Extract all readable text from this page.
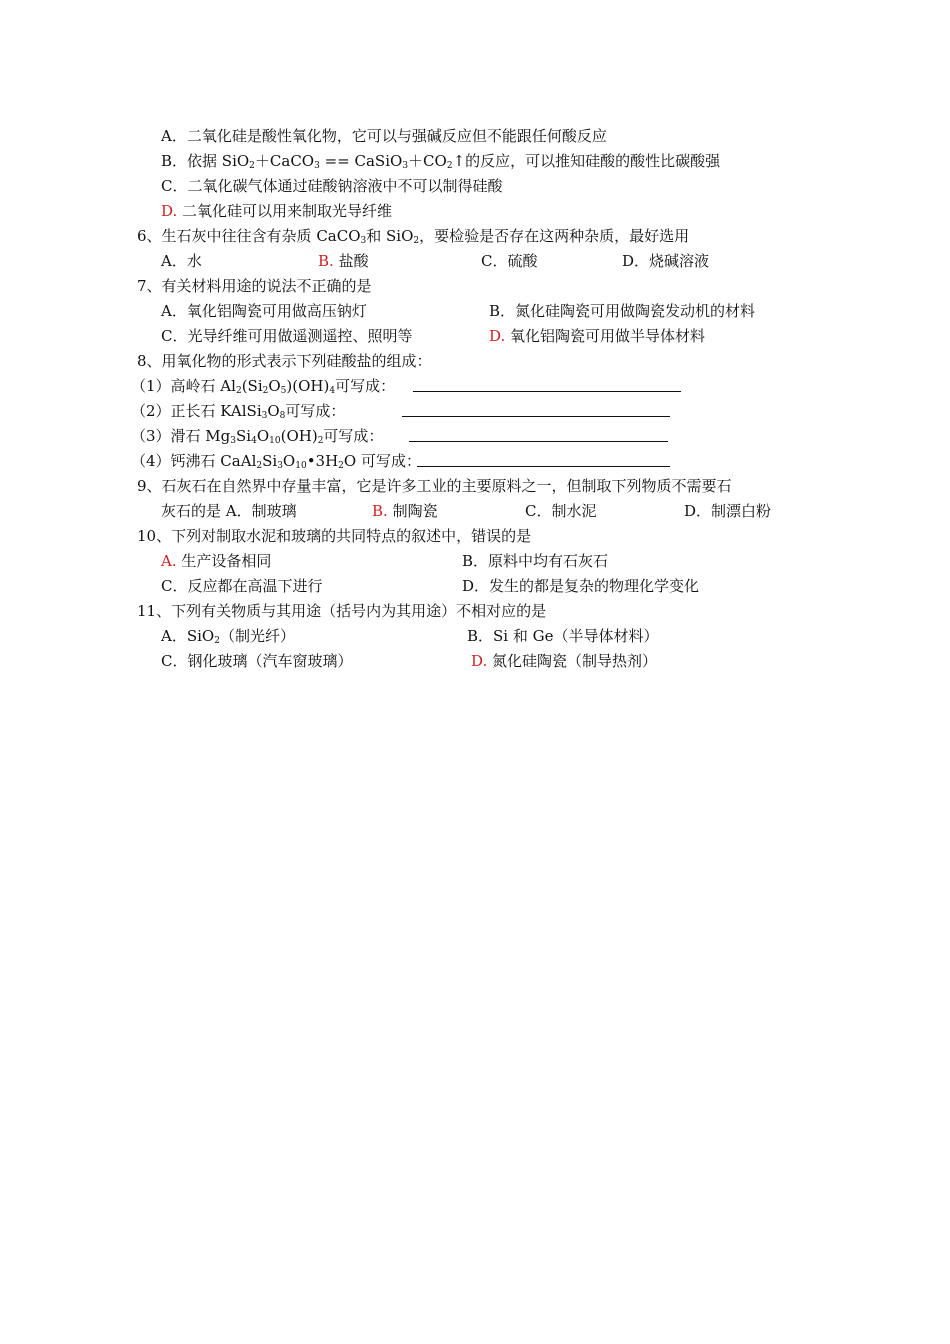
A．二氧化硅是酸性氧化物，它可以与强碱反应但不能跟任何酸反应
B．依据 SiO$_2$＋CaCO$_3$ == $CaSiO_3+CO_2↑$的反应，可以推知硅酸的酸性比碳酸强
C．二氧化碳气体通过硅酸钠溶液中不可以制得硅酸
D. 二氧化硅可以用来制取光导纤维
6、生石灰中往往含有杂质 CaCO$_3$和 SiO$_2$，要检验是否存在这两种杂质，最好选用
A．水	B. 盐酸	C．硫酸	D．烧碱溶液
7、有关材料用途的说法不正确的是
A．氧化铝陶瓷可用做高压钠灯	B．氮化硅陶瓷可用做陶瓷发动机的材料
C．光导纤维可用做遥测遥控、照明等	D. 氧化铝陶瓷可用做半导体材料
8、用氧化物的形式表示下列硅酸盐的组成：
（1）高岭石 $Al_2(Si_2O_5)(OH)_4$可写成：
（2）正长石 $KAlSi_3O_8$可写成：
（3）滑石 $Mg_3Si_4O_{10}(OH)_2$可写成：
（4）钙沸石 $CaAl_2Si_3O_{10}•3H_2O$ 可写成：
9、石灰石在自然界中存量丰富，它是许多工业的主要原料之一，但制取下列物质不需要石
灰石的是 A．制玻璃	B. 制陶瓷	C．制水泥	D．制漂白粉
10、下列对制取水泥和玻璃的共同特点的叙述中，错误的是
A. 生产设备相同	B．原料中均有石灰石
C．反应都在高温下进行	D．发生的都是复杂的物理化学变化
11、下列有关物质与其用途（括号内为其用途）不相对应的是
A．SiO$_2$（制光纤）	B．Si 和 Ge（半导体材料）
C．钢化玻璃（汽车窗玻璃）	D. 氮化硅陶瓷（制导热剂）
